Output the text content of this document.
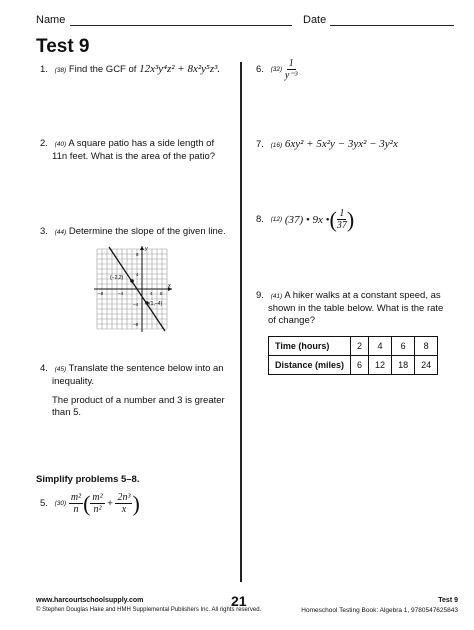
Name	Date
Test 9
1. (38) Find the GCF of 12x³y⁴z² + 8x²y⁵z³.
2. (40) A square patio has a side length of
11n feet. What is the area of the patio?
3. (44) Determine the slope of the given line.
y
x
(−2,2)
(1,−4)
−8	−4	4 8
8
4
−4
−8
4. (45) Translate the sentence below into an
inequality.
The product of a number and 3 is greater
than 5.
Simplify problems 5–8.
5.
	(30)
$\frac{\text{m²}}{n}$ ( $\frac{\text{m²}}{\text{n²}}$
+
$\frac{\text{2n³}}{x}$ )
6.
	(32)
$\frac{1}{\text{y⁻³}}$
7. (16) 6xy² + 5x²y − 3yx² − 3y²x
8.
	(12)
(37) • 9x • ( $\frac{1}{37}$ )
9. (41) A hiker walks at a constant speed, as
shown in the table below. What is the rate
of change?
Time (hours)	2	4	6	8
Distance (miles)	6	12	18	24
www.harcourtschoolsupply.com
© Stephen Douglas Hake and HMH Supplemental Publishers Inc. All rights reserved.
21	Test 9
Homeschool Testing Book: Algebra 1, 9780547625843
